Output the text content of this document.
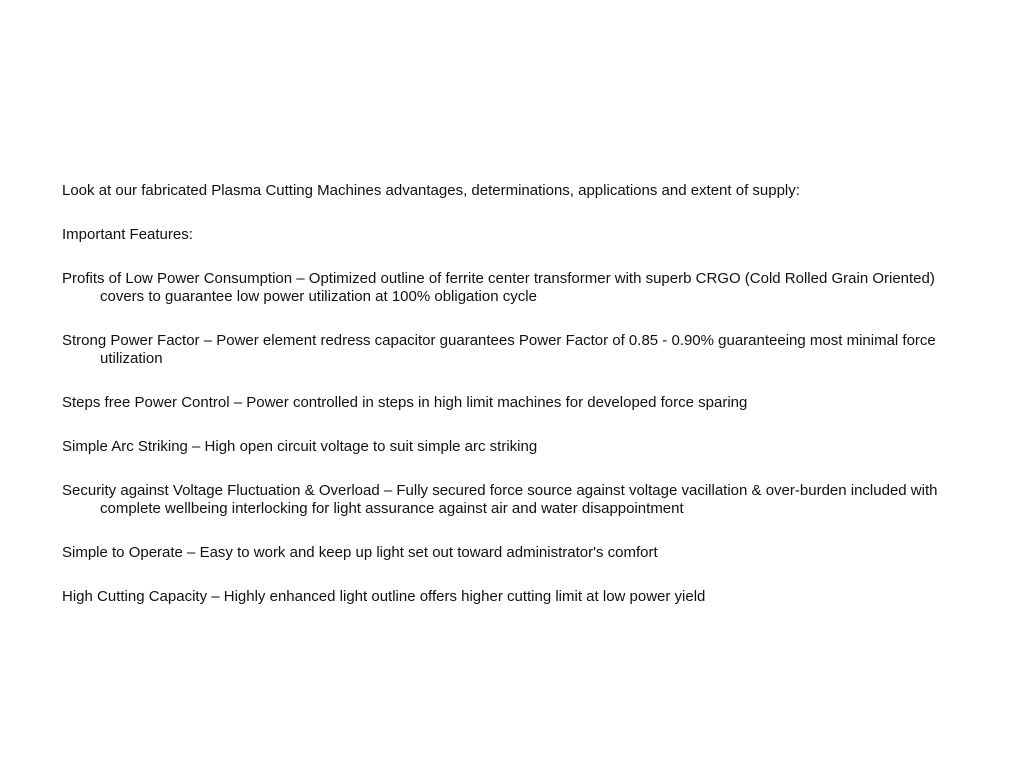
Look at our fabricated Plasma Cutting Machines advantages, determinations, applications and extent of supply:

Important Features:

Profits of Low Power Consumption – Optimized outline of ferrite center transformer with superb CRGO (Cold Rolled Grain Oriented) covers to guarantee low power utilization at 100% obligation cycle

Strong Power Factor – Power element redress capacitor guarantees Power Factor of 0.85 - 0.90% guaranteeing most minimal force utilization

Steps free Power Control – Power controlled in steps in high limit machines for developed force sparing

Simple Arc Striking – High open circuit voltage to suit simple arc striking

Security against Voltage Fluctuation & Overload – Fully secured force source against voltage vacillation & over-burden included with complete wellbeing interlocking for light assurance against air and water disappointment

Simple to Operate – Easy to work and keep up light set out toward administrator's comfort

High Cutting Capacity – Highly enhanced light outline offers higher cutting limit at low power yield
